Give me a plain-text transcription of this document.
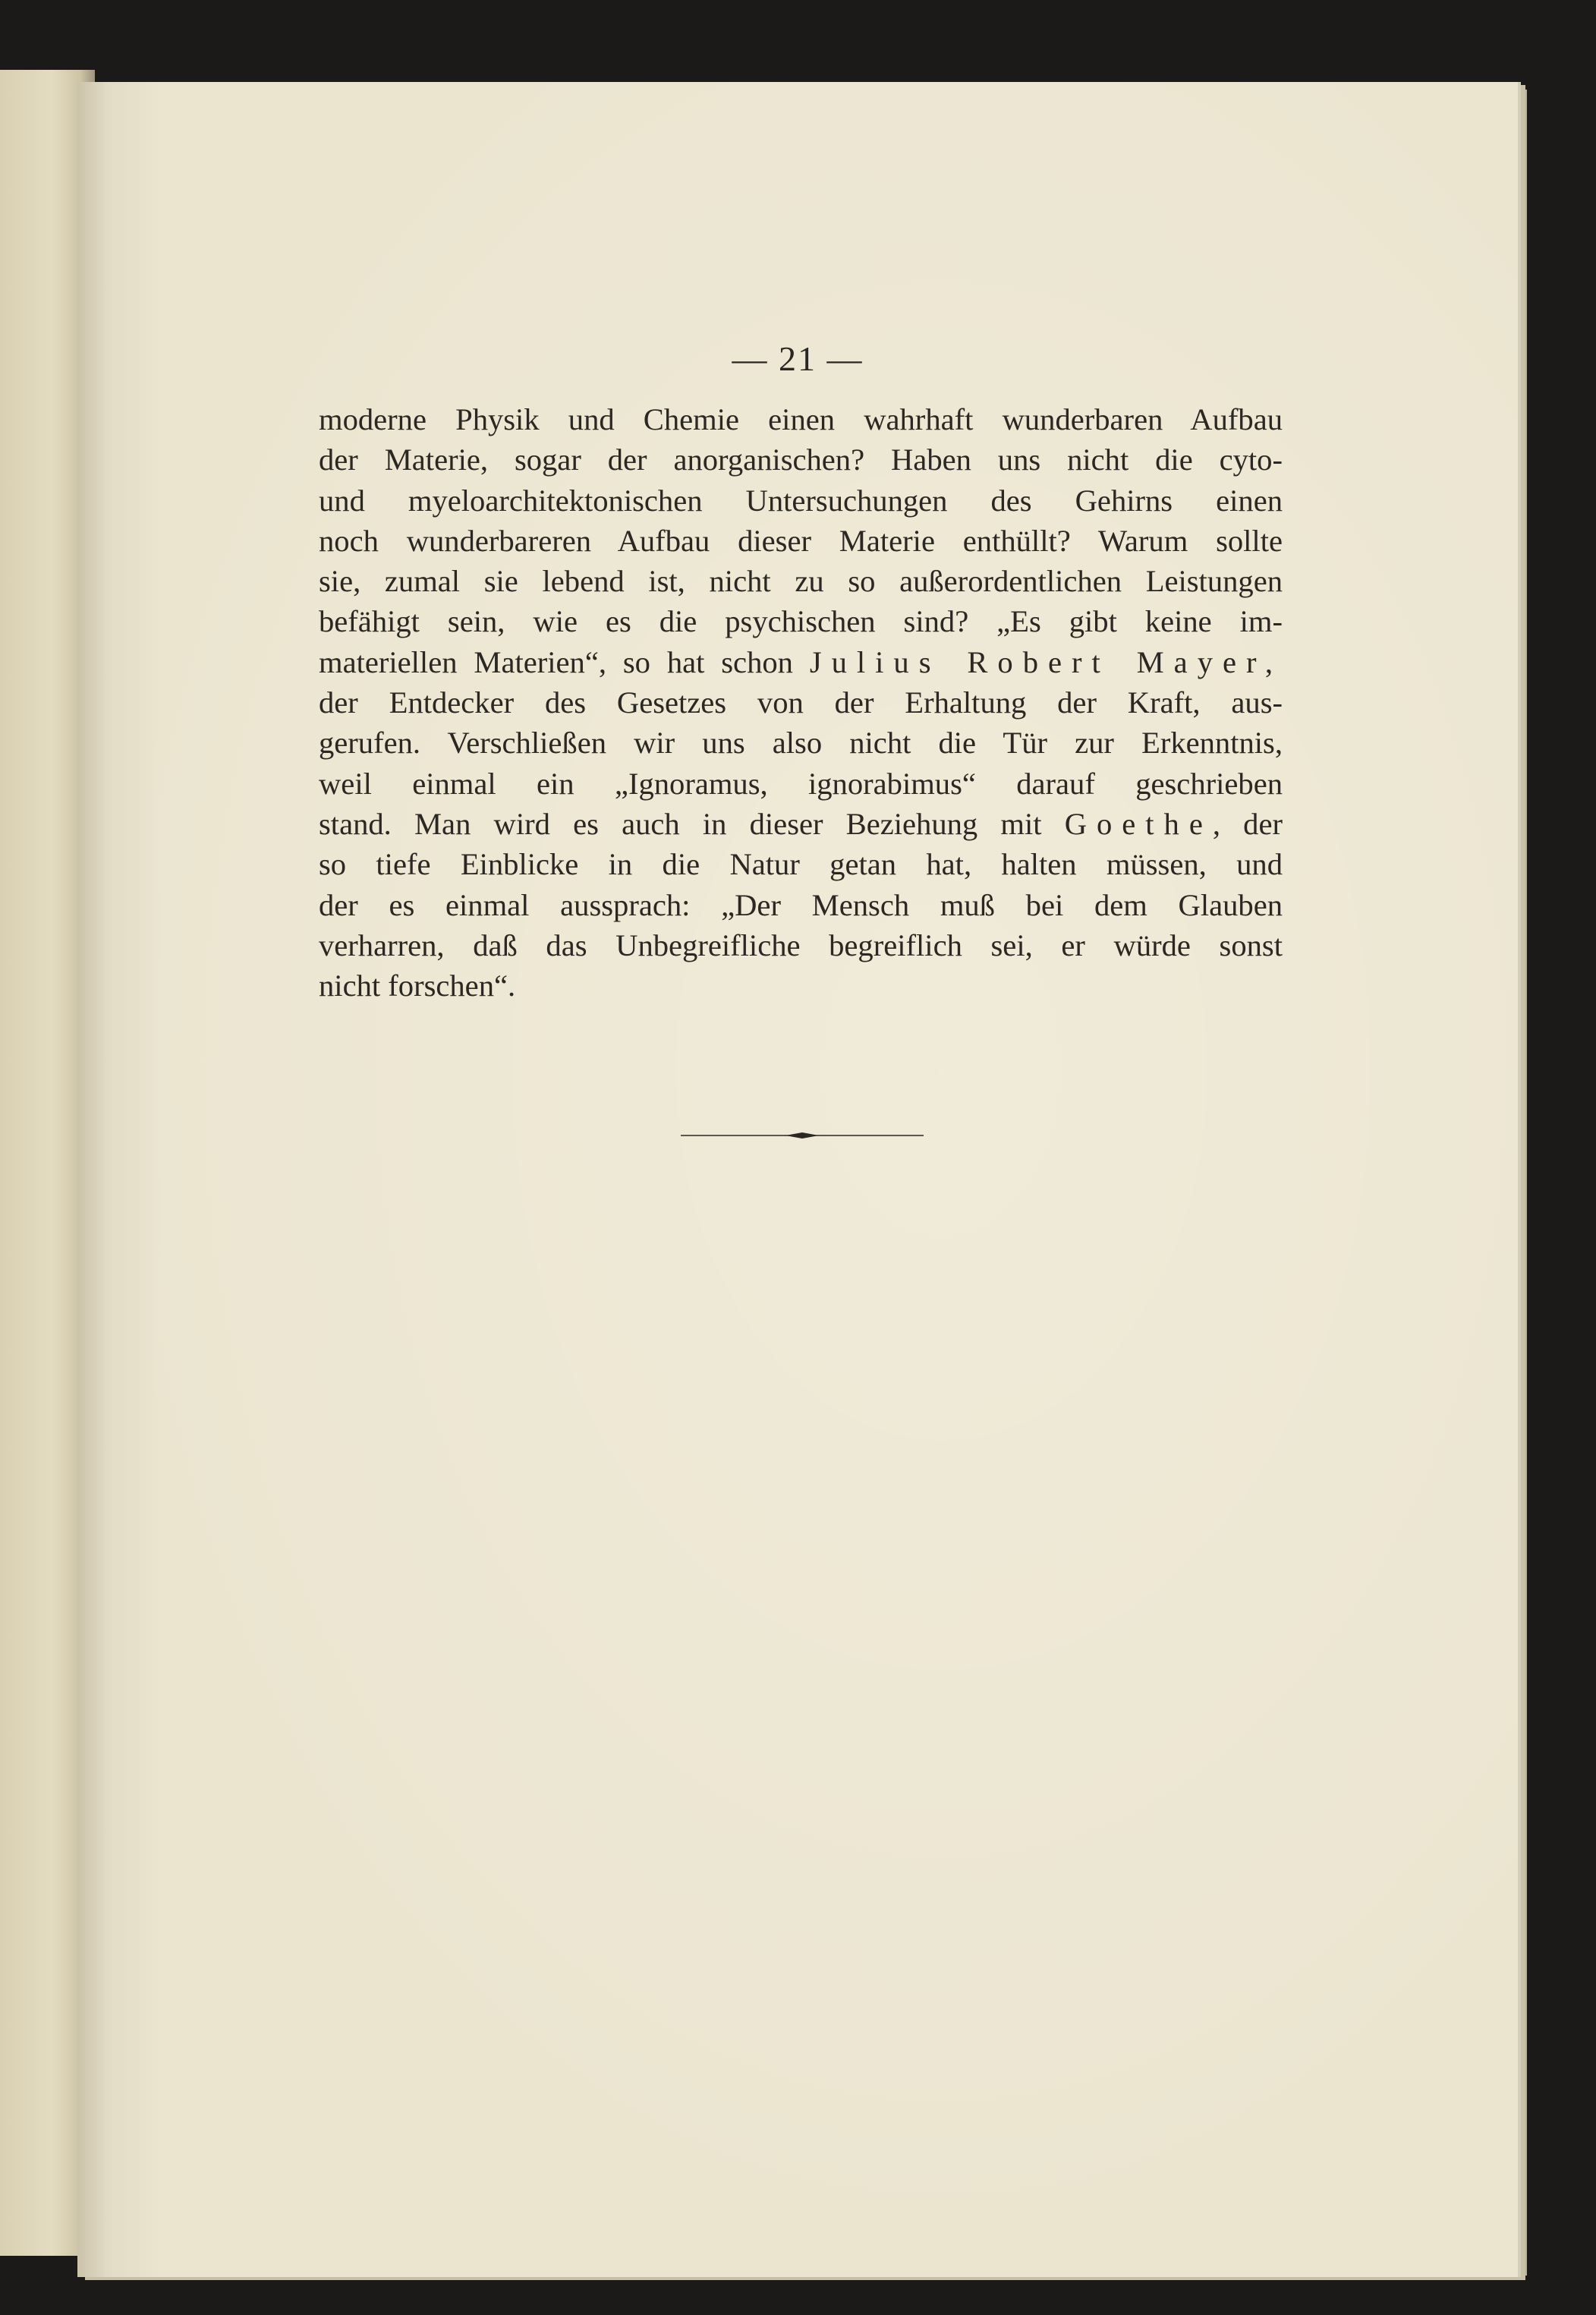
— 21 —
moderne Physik und Chemie einen wahrhaft wunderbaren Aufbau
der Materie, sogar der anorganischen? Haben uns nicht die cyto-
und myeloarchitektonischen Untersuchungen des Gehirns einen
noch wunderbareren Aufbau dieser Materie enthüllt? Warum sollte
sie, zumal sie lebend ist, nicht zu so außerordentlichen Leistungen
befähigt sein, wie es die psychischen sind? „Es gibt keine im-
materiellen Materien“, so hat schon Julius Robert Mayer,
der Entdecker des Gesetzes von der Erhaltung der Kraft, aus-
gerufen. Verschließen wir uns also nicht die Tür zur Erkenntnis,
weil einmal ein „Ignoramus, ignorabimus“ darauf geschrieben
stand. Man wird es auch in dieser Beziehung mit Goethe, der
so tiefe Einblicke in die Natur getan hat, halten müssen, und
der es einmal aussprach: „Der Mensch muß bei dem Glauben
verharren, daß das Unbegreifliche begreiflich sei, er würde sonst
nicht forschen“.
